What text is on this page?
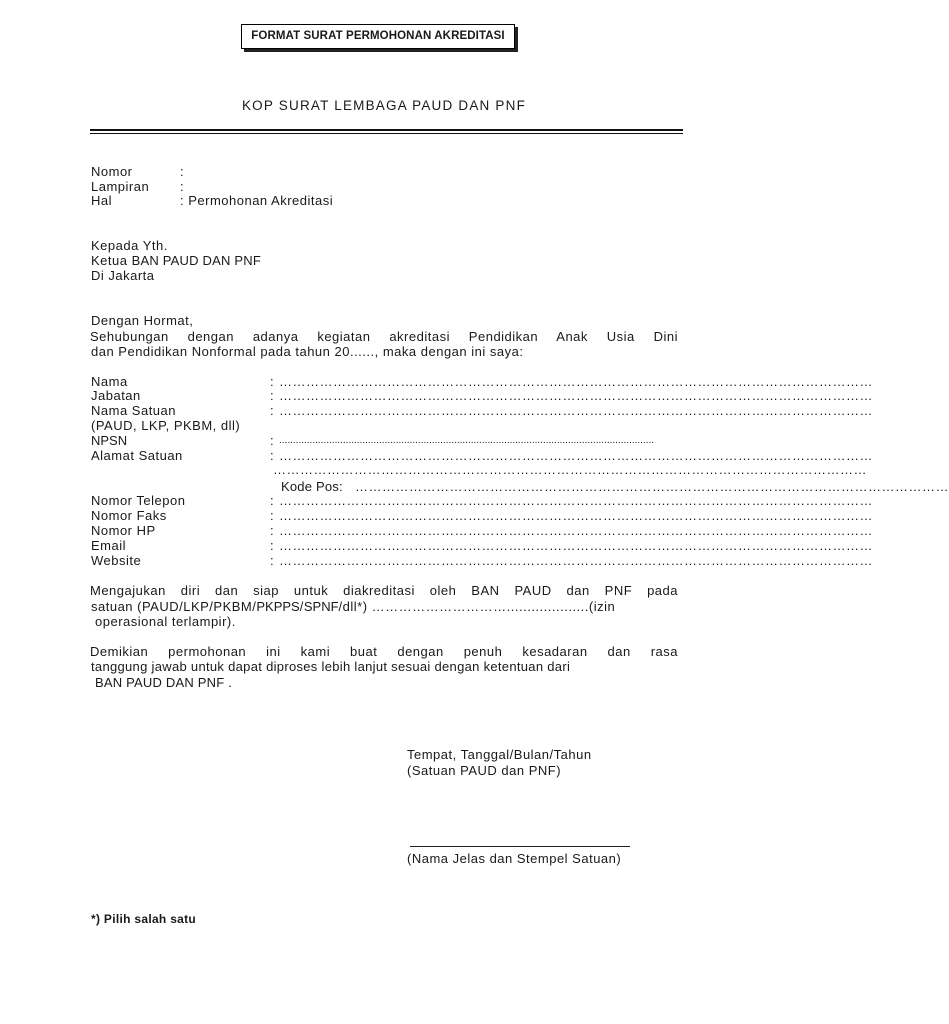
FORMAT SURAT PERMOHONAN AKREDITASI
KOP SURAT LEMBAGA PAUD DAN PNF
Nomor	:
Lampiran :
Hal	: Permohonan Akreditasi
Kepada Yth.
Ketua BAN PAUD DAN PNF
Di Jakarta
Dengan Hormat,
Sehubungan dengan adanya kegiatan akreditasi Pendidikan Anak Usia Dini
dan Pendidikan Nonformal pada tahun 20......, maka dengan ini saya:
Nama	: ……………………………………………………………………………………………………………………
Jabatan	: ……………………………………………………………………………………………………………………
Nama Satuan	: ……………………………………………………………………………………………………………………
(PAUD, LKP, PKBM, dll)
NPSN	: .......................................................................................................................................
Alamat Satuan	: ……………………………………………………………………………………………………………………
……………………………………………………………………………………………………………………
Kode Pos: ……………………………………………………………………………………………………………………
Nomor Telepon	: ……………………………………………………………………………………………………………………
Nomor Faks	: ……………………………………………………………………………………………………………………
Nomor HP	: ……………………………………………………………………………………………………………………
Email	: ……………………………………………………………………………………………………………………
Website	: ……………………………………………………………………………………………………………………
Mengajukan diri dan siap untuk diakreditasi oleh BAN PAUD dan PNF pada
satuan (PAUD/LKP/PKBM/PKPPS/SPNF/dll*) …………………………....................(izin
operasional terlampir).
Demikian permohonan ini kami buat dengan penuh kesadaran dan rasa
tanggung jawab untuk dapat diproses lebih lanjut sesuai dengan ketentuan dari
BAN PAUD DAN PNF .
Tempat, Tanggal/Bulan/Tahun
(Satuan PAUD dan PNF)
(Nama Jelas dan Stempel Satuan)
*) Pilih salah satu
